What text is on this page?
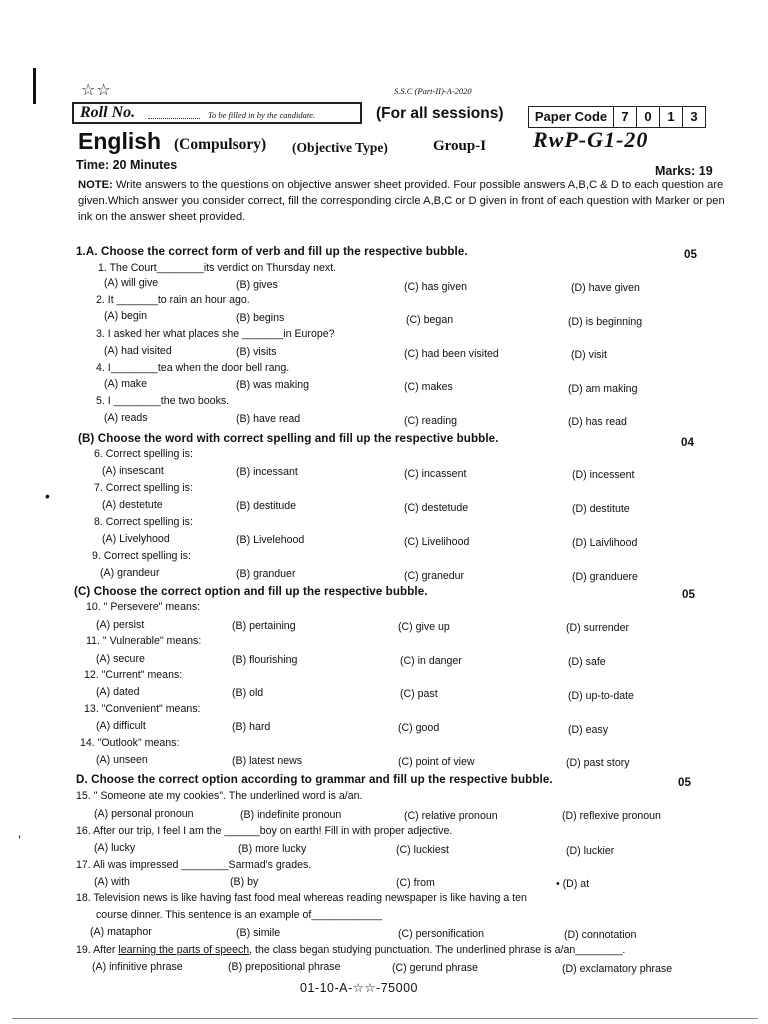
☆☆	S.S.C (Part-II)-A-2020
Roll No.	To be filled in by the candidate.	(For all sessions)	Paper Code	7	0	1	3
English (Compulsory) (Objective Type)	Group-I RwP-G1-20
Time: 20 Minutes	Marks: 19
NOTE: Write answers to the questions on objective answer sheet provided. Four possible answers A,B,C & D to each question are given.Which answer you consider correct, fill the corresponding circle A,B,C or D given in front of each question with Marker or pen ink on the answer sheet provided.
1.A. Choose the correct form of verb and fill up the respective bubble.	05
1. The Court________its verdict on Thursday next.
(A) will give	(B) gives	(C) has given	(D) have given
2. It _______to rain an hour ago.
(A) begin	(B) begins	(C) began	(D) is beginning
3. I asked her what places she _______in Europe?
(A) had visited	(B) visits	(C) had been visited	(D) visit
4. I________tea when the door bell rang.
(A) make	(B) was making	(C) makes	(D) am making
5. I ________the two books.
(A) reads	(B) have read	(C) reading	(D) has read
(B) Choose the word with correct spelling and fill up the respective bubble.	04
6. Correct spelling is:
(A) insescant	(B) incessant	(C) incassent	(D) incessent
•	7. Correct spelling is:
(A) destetute	(B) destitude	(C) destetude	(D) destitute
8. Correct spelling is:
(A) Livelyhood	(B) Livelehood	(C) Livelihood	(D) Laivlihood
9. Correct spelling is:
(A) grandeur	(B) granduer	(C) granedur	(D) granduere
(C) Choose the correct option and fill up the respective bubble.	05
10. " Persevere" means:
(A) persist	(B) pertaining	(C) give up	(D) surrender
11. " Vulnerable" means:
(A) secure	(B) flourishing	(C) in danger	(D) safe
12. "Current" means:
(A) dated	(B) old	(C) past	(D) up-to-date
13. "Convenient" means:
(A) difficult	(B) hard	(C) good	(D) easy
14. "Outlook" means:
(A) unseen	(B) latest news	(C) point of view	(D) past story
D. Choose the correct option according to grammar and fill up the respective bubble.	05
15. " Someone ate my cookies". The underlined word is a/an.
(A) personal pronoun	(B) indefinite pronoun	(C) relative pronoun	(D) reflexive pronoun
ʼ
16. After our trip, I feel I am the ______boy on earth! Fill in with proper adjective.
(A) lucky	(B) more lucky	(C) luckiest	(D) luckier
17. Ali was impressed ________Sarmad's grades.
(A) with	(B) by	(C) from	• (D) at
18. Television news is like having fast food meal whereas reading newspaper is like having a ten
course dinner. This sentence is an example of____________
(A) mataphor	(B) simile	(C) personification	(D) connotation
19. After learning the parts of speech, the class began studying punctuation. The underlined phrase is a/an________.
(A) infinitive phrase	(B) prepositional phrase	(C) gerund phrase	(D) exclamatory phrase
01-10-A-☆☆-75000
